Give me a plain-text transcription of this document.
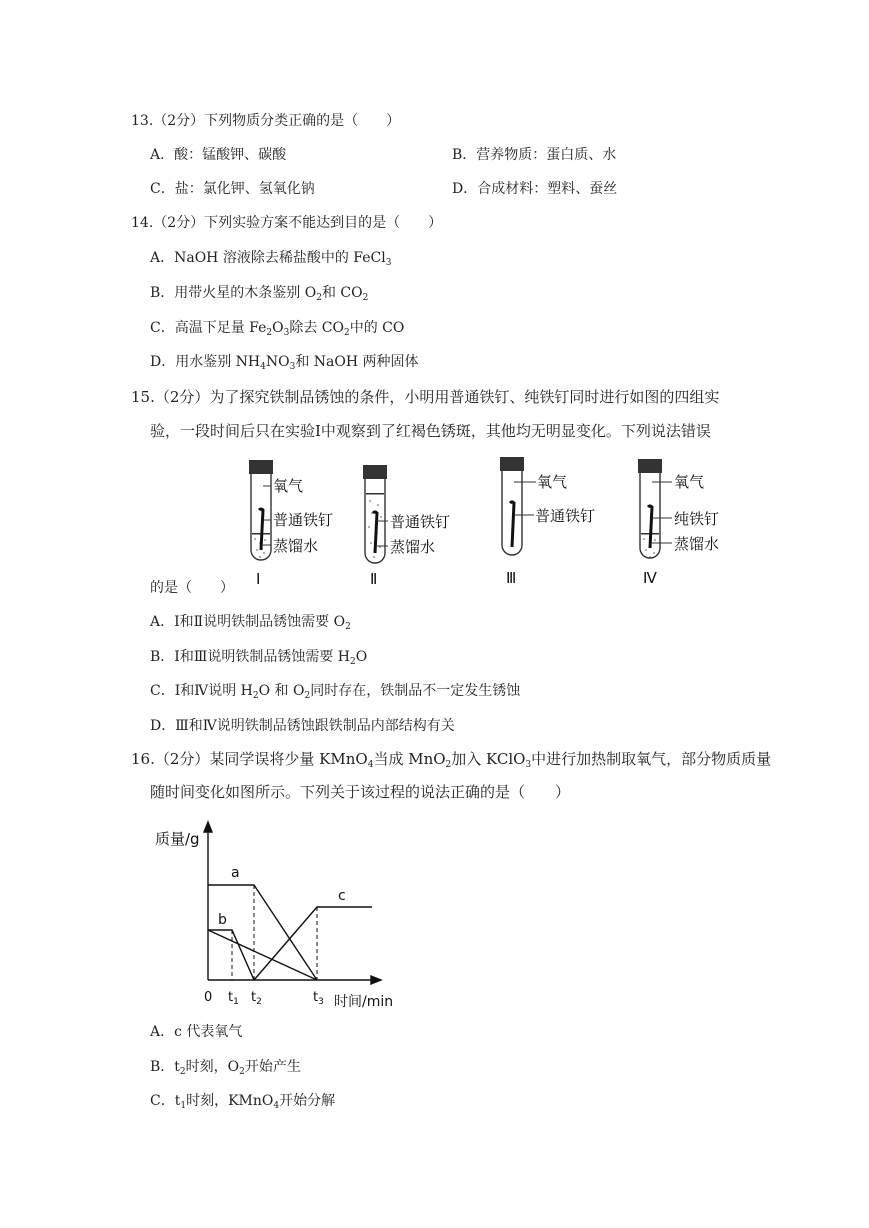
13.（2分）下列物质分类正确的是（　　）
A．酸：锰酸钾、碳酸	B．营养物质：蛋白质、水
C．盐：氯化钾、氢氧化钠	D．合成材料：塑料、蚕丝
14.（2分）下列实验方案不能达到目的是（　　）
A．NaOH 溶液除去稀盐酸中的 FeCl$_3$
B．用带火星的木条鉴别 $O_2$和 $CO_2$
C．高温下足量 $Fe_2O_3$除去 $CO_2$中的 CO
D．用水鉴别 $NH_4NO_3$和 NaOH 两种固体
15.（2分）为了探究铁制品锈蚀的条件，小明用普通铁钉、纯铁钉同时进行如图的四组实
验，一段时间后只在实验Ⅰ中观察到了红褐色锈斑，其他均无明显变化。下列说法错误
氧气
普通铁钉
蒸馏水
Ⅰ
普通铁钉
蒸馏水
Ⅱ
氧气
普通铁钉
Ⅲ
氧气
纯铁钉
蒸馏水
Ⅳ
的是（　　）
A．Ⅰ和Ⅱ说明铁制品锈蚀需要 $O_2$
B．Ⅰ和Ⅲ说明铁制品锈蚀需要 $H_2O$
C．Ⅰ和Ⅳ说明 $H_2O$ 和 $O_2$同时存在，铁制品不一定发生锈蚀
D．Ⅲ和Ⅳ说明铁制品锈蚀跟铁制品内部结构有关
16.（2分）某同学误将少量 KMnO$_4$当成 MnO$_2$加入 KClO$_3$中进行加热制取氧气，部分物质质量
随时间变化如图所示。下列关于该过程的说法正确的是（　　）
质量/g
a
b
c
0 $t_1$ $t_2$	$t_3$ 时间/min
A．c 代表氧气
B．$t_2$时刻，$O_2$开始产生
C．$t_1$时刻，KMnO$_4$开始分解
